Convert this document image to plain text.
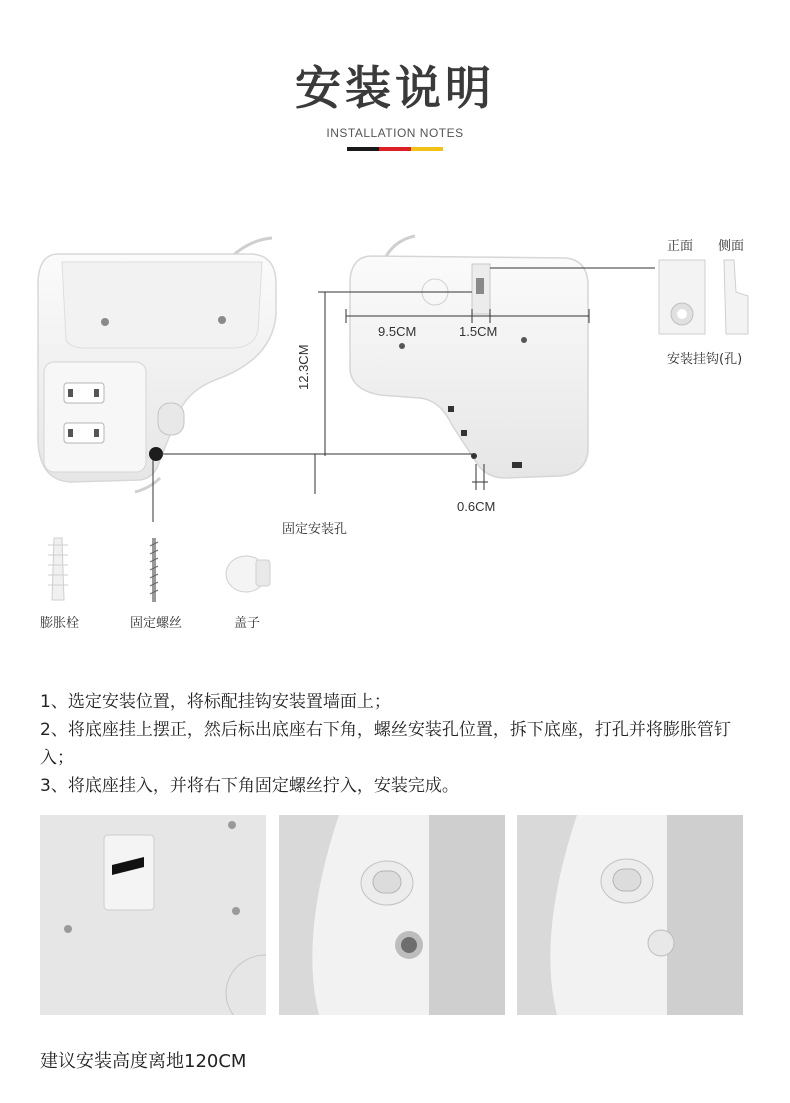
安装说明
INSTALLATION NOTES
9.5CM	1.5CM
12.3CM
0.6CM
固定安装孔
正面 侧面
安装挂钩(孔)
膨胀栓	固定螺丝	盖子
1、选定安装位置，将标配挂钩安装置墙面上；
2、将底座挂上摆正，然后标出底座右下角，螺丝安装孔位置，拆下底座，打孔并将膨胀管钉入；
3、将底座挂入，并将右下角固定螺丝拧入，安装完成。
建议安装高度离地120CM
